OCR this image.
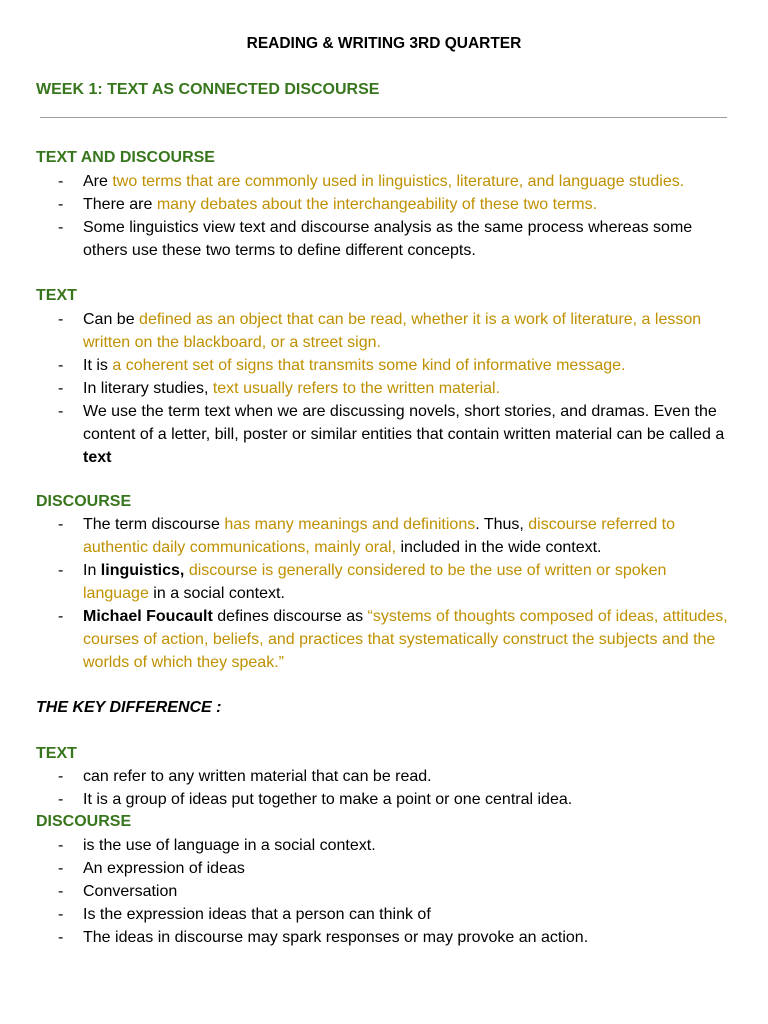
READING & WRITING 3RD QUARTER
WEEK 1: TEXT AS CONNECTED DISCOURSE
TEXT AND DISCOURSE
- Are two terms that are commonly used in linguistics, literature, and language studies.
- There are many debates about the interchangeability of these two terms.
- Some linguistics view text and discourse analysis as the same process whereas some others use these two terms to define different concepts.
TEXT
- Can be defined as an object that can be read, whether it is a work of literature, a lesson written on the blackboard, or a street sign.
- It is a coherent set of signs that transmits some kind of informative message.
- In literary studies, text usually refers to the written material.
- We use the term text when we are discussing novels, short stories, and dramas. Even the content of a letter, bill, poster or similar entities that contain written material can be called a text
DISCOURSE
- The term discourse has many meanings and definitions. Thus, discourse referred to authentic daily communications, mainly oral, included in the wide context.
- In linguistics, discourse is generally considered to be the use of written or spoken language in a social context.
- Michael Foucault defines discourse as “systems of thoughts composed of ideas, attitudes, courses of action, beliefs, and practices that systematically construct the subjects and the worlds of which they speak.”
THE KEY DIFFERENCE :
TEXT
- can refer to any written material that can be read.
- It is a group of ideas put together to make a point or one central idea.
DISCOURSE
- is the use of language in a social context.
- An expression of ideas
- Conversation
- Is the expression ideas that a person can think of
- The ideas in discourse may spark responses or may provoke an action.
